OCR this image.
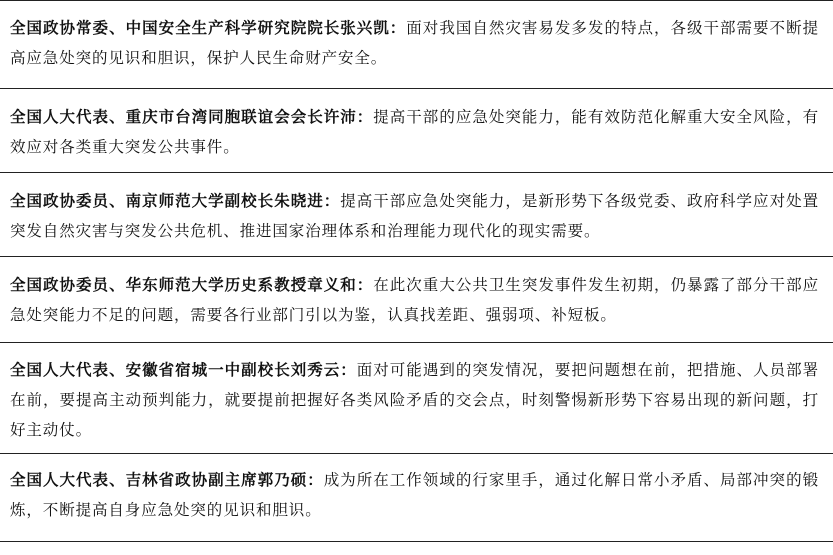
全国政协常委、中国安全生产科学研究院院长张兴凯：面对我国自然灾害易发多发的特点，各级干部需要不断提高应急处突的见识和胆识，保护人民生命财产安全。
全国人大代表、重庆市台湾同胞联谊会会长许沛：提高干部的应急处突能力，能有效防范化解重大安全风险，有效应对各类重大突发公共事件。
全国政协委员、南京师范大学副校长朱晓进：提高干部应急处突能力，是新形势下各级党委、政府科学应对处置突发自然灾害与突发公共危机、推进国家治理体系和治理能力现代化的现实需要。
全国政协委员、华东师范大学历史系教授章义和：在此次重大公共卫生突发事件发生初期，仍暴露了部分干部应急处突能力不足的问题，需要各行业部门引以为鉴，认真找差距、强弱项、补短板。
全国人大代表、安徽省宿城一中副校长刘秀云：面对可能遇到的突发情况，要把问题想在前，把措施、人员部署在前，要提高主动预判能力，就要提前把握好各类风险矛盾的交会点，时刻警惕新形势下容易出现的新问题，打好主动仗。
全国人大代表、吉林省政协副主席郭乃硕：成为所在工作领域的行家里手，通过化解日常小矛盾、局部冲突的锻炼，不断提高自身应急处突的见识和胆识。
